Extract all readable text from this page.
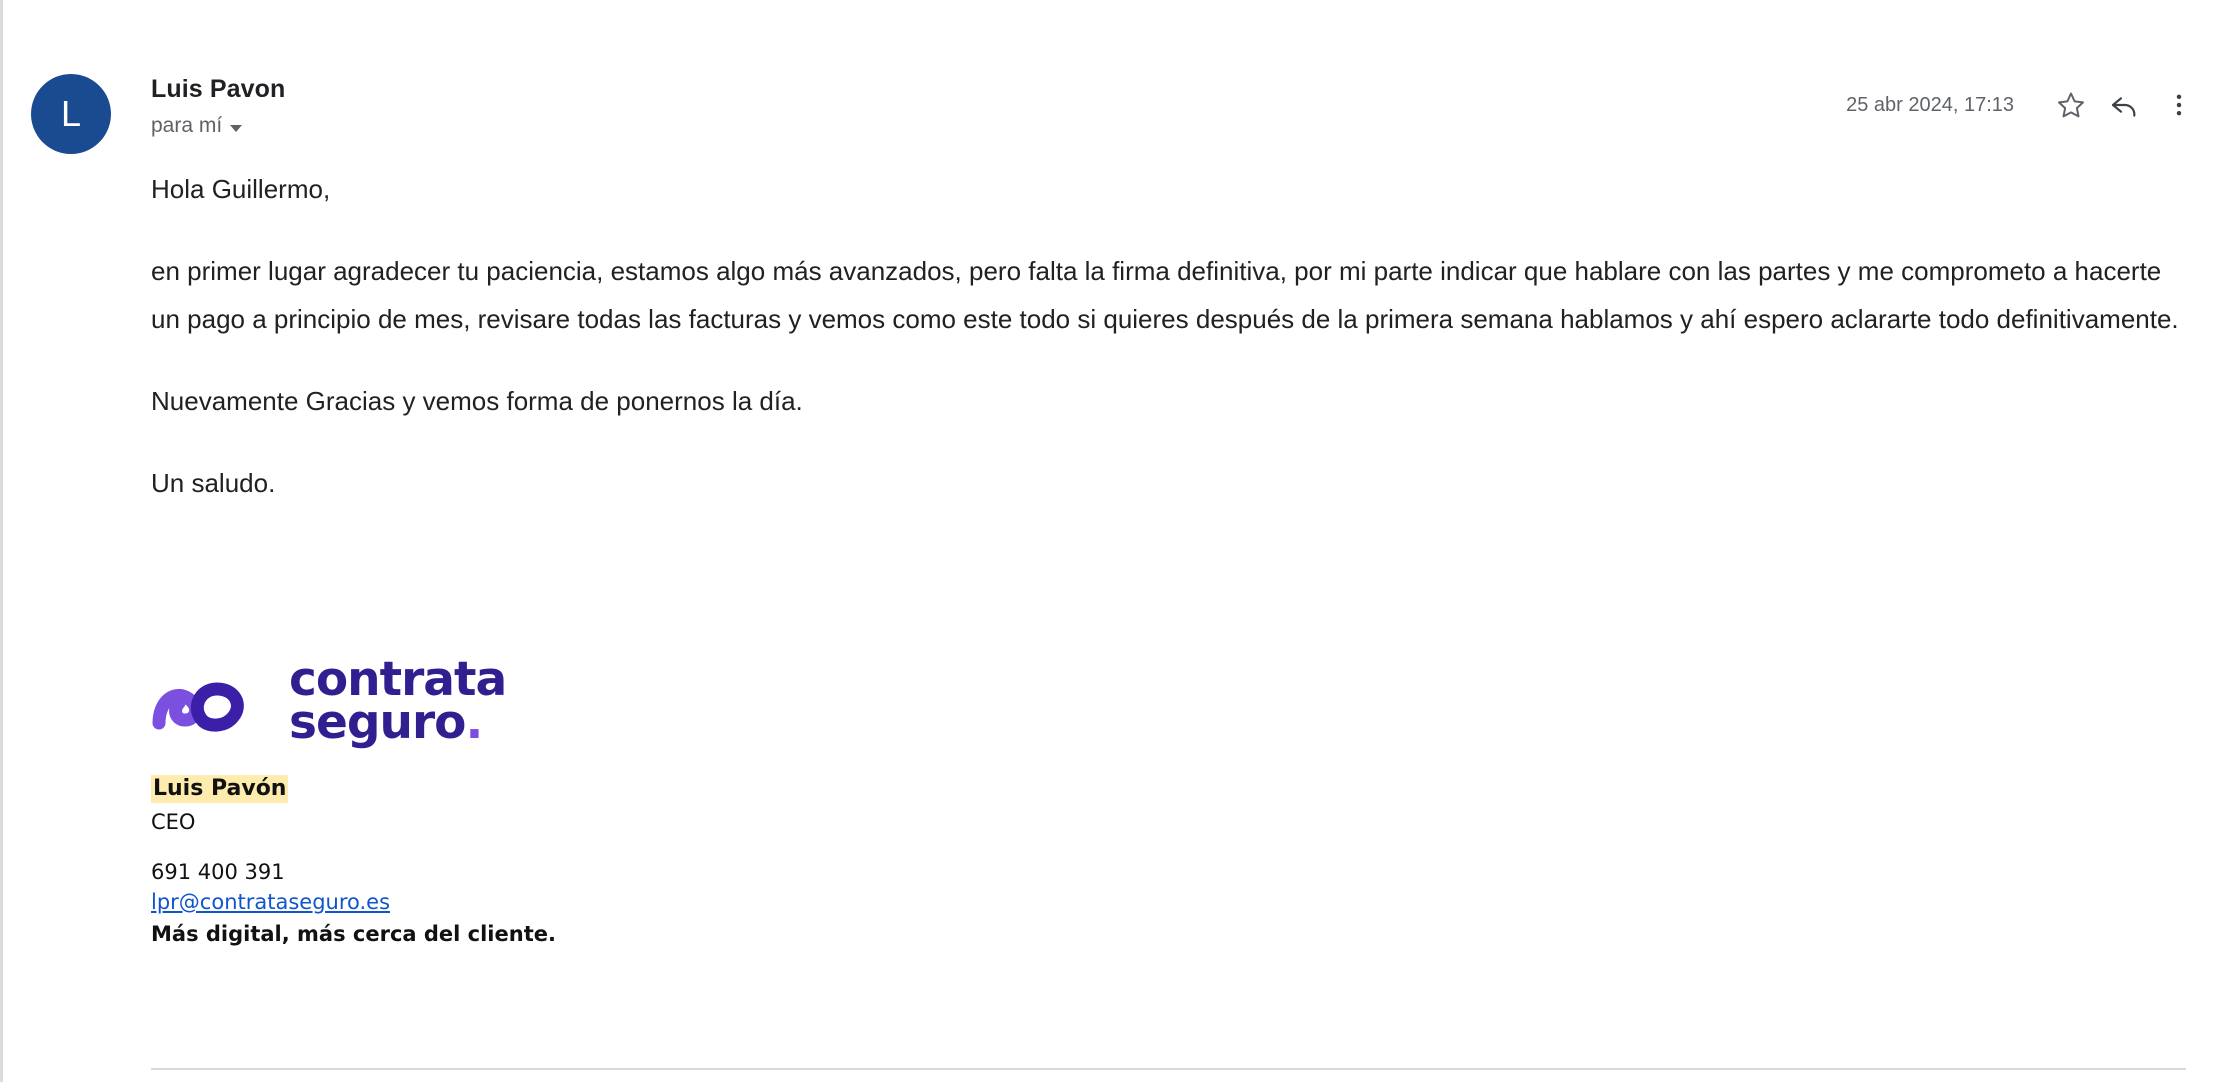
L
Luis Pavon
para mí
25 abr 2024, 17:13

Hola Guillermo,

en primer lugar agradecer tu paciencia, estamos algo más avanzados, pero falta la firma definitiva, por mi parte indicar que hablare con las partes y me comprometo a hacerte un pago a principio de mes, revisare todas las facturas y vemos como este todo si quieres después de la primera semana hablamos y ahí espero aclararte todo definitivamente.

Nuevamente Gracias y vemos forma de ponernos la día.

Un saludo.

contrata
seguro.
Luis Pavón
CEO
691 400 391
lpr@contrataseguro.es
Más digital, más cerca del cliente.
